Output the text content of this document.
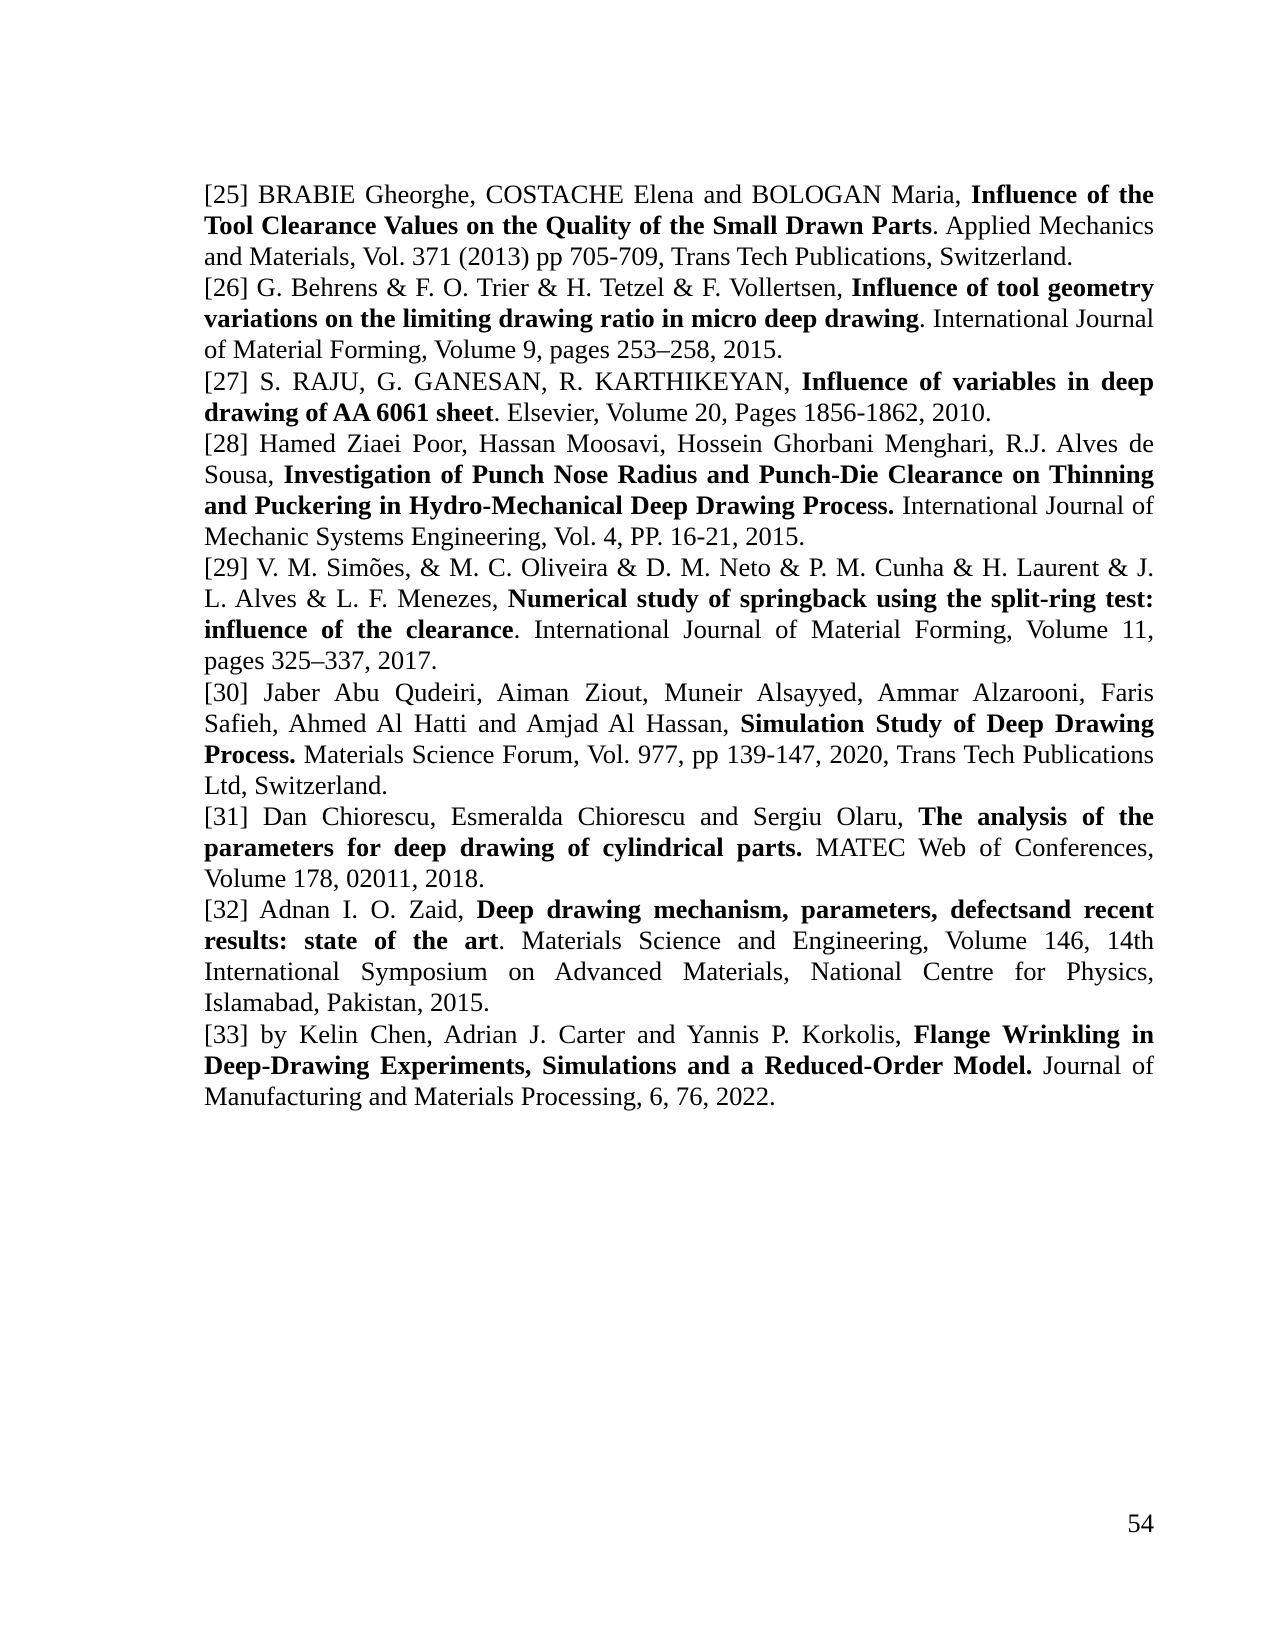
[25] BRABIE Gheorghe, COSTACHE Elena and BOLOGAN Maria, Influence of the
Tool Clearance Values on the Quality of the Small Drawn Parts. Applied Mechanics
and Materials, Vol. 371 (2013) pp 705-709, Trans Tech Publications, Switzerland.
[26] G. Behrens & F. O. Trier & H. Tetzel & F. Vollertsen, Influence of tool geometry
variations on the limiting drawing ratio in micro deep drawing. International Journal
of Material Forming, Volume 9, pages 253–258, 2015.
[27] S. RAJU, G. GANESAN, R. KARTHIKEYAN, Influence of variables in deep
drawing of AA 6061 sheet. Elsevier, Volume 20, Pages 1856-1862, 2010.
[28] Hamed Ziaei Poor, Hassan Moosavi, Hossein Ghorbani Menghari, R.J. Alves de
Sousa, Investigation of Punch Nose Radius and Punch-Die Clearance on Thinning
and Puckering in Hydro-Mechanical Deep Drawing Process. International Journal of
Mechanic Systems Engineering, Vol. 4, PP. 16-21, 2015.
[29] V. M. Simões, & M. C. Oliveira & D. M. Neto & P. M. Cunha & H. Laurent & J.
L. Alves & L. F. Menezes, Numerical study of springback using the split-ring test:
influence of the clearance. International Journal of Material Forming, Volume 11,
pages 325–337, 2017.
[30] Jaber Abu Qudeiri, Aiman Ziout, Muneir Alsayyed, Ammar Alzarooni, Faris
Safieh, Ahmed Al Hatti and Amjad Al Hassan, Simulation Study of Deep Drawing
Process. Materials Science Forum, Vol. 977, pp 139-147, 2020, Trans Tech Publications
Ltd, Switzerland.
[31] Dan Chiorescu, Esmeralda Chiorescu and Sergiu Olaru, The analysis of the
parameters for deep drawing of cylindrical parts. MATEC Web of Conferences,
Volume 178, 02011, 2018.
[32] Adnan I. O. Zaid, Deep drawing mechanism, parameters, defectsand recent
results: state of the art. Materials Science and Engineering, Volume 146, 14th
International Symposium on Advanced Materials, National Centre for Physics,
Islamabad, Pakistan, 2015.
[33] by Kelin Chen, Adrian J. Carter and Yannis P. Korkolis, Flange Wrinkling in
Deep-Drawing Experiments, Simulations and a Reduced-Order Model. Journal of
Manufacturing and Materials Processing, 6, 76, 2022.
54
